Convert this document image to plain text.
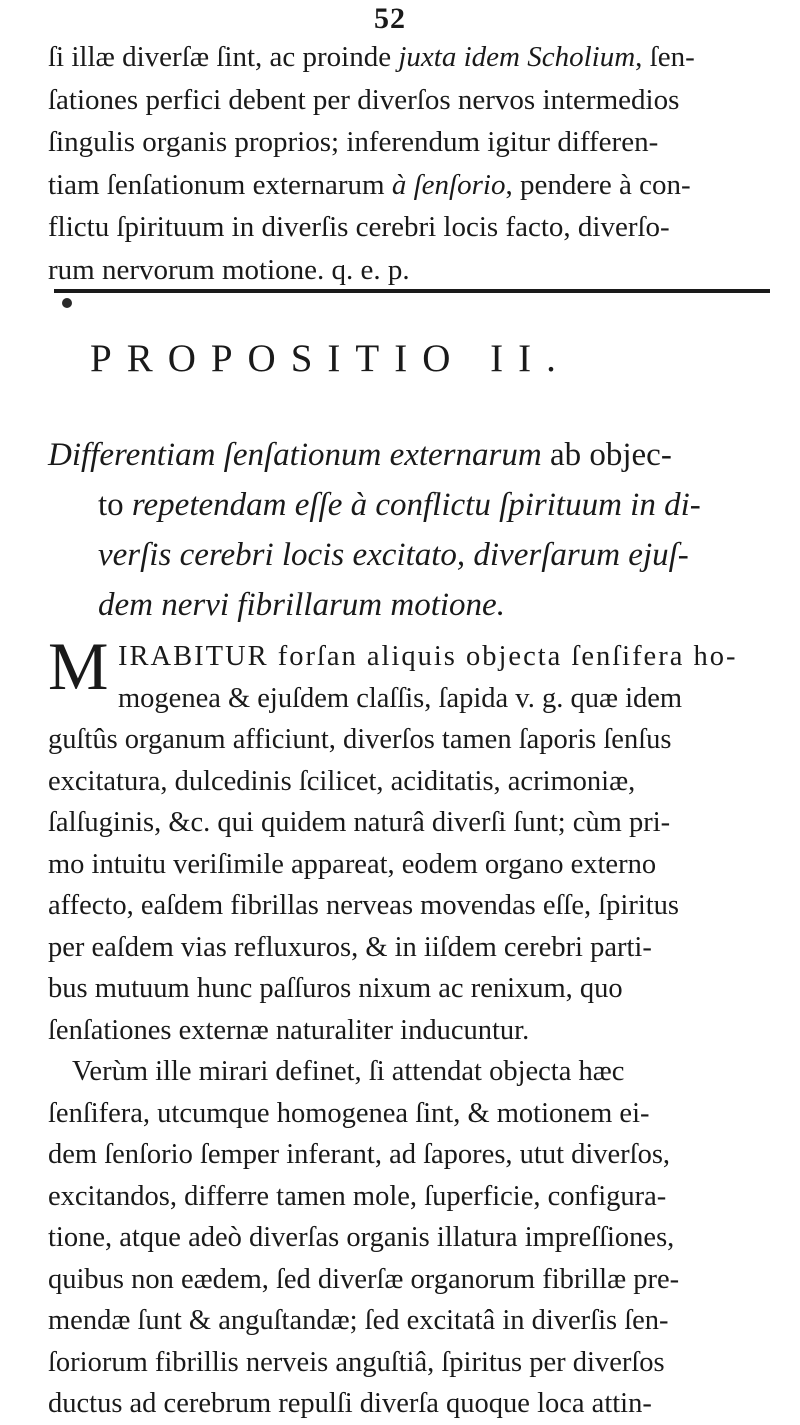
52
ſi illæ diverſæ ſint, ac proinde juxta idem Scholium, ſen-
ſationes perfici debent per diverſos nervos intermedios
ſingulis organis proprios; inferendum igitur differen-
tiam ſenſationum externarum à ſenſorio, pendere à con-
flictu ſpirituum in diverſis cerebri locis facto, diverſo-
rum nervorum motione. q. e. p.
PROPOSITIO II.
Differentiam ſenſationum externarum ab objec-
to repetendam eſſe à conflictu ſpirituum in di-
verſis cerebri locis excitato, diverſarum ejuſ-
dem nervi fibrillarum motione.
M IRABITUR forſan aliquis objecta ſenſifera ho-
mogenea & ejuſdem claſſis, ſapida v. g. quæ idem
guſtûs organum afficiunt, diverſos tamen ſaporis ſenſus
excitatura, dulcedinis ſcilicet, aciditatis, acrimoniæ,
ſalſuginis, &c. qui quidem naturâ diverſi ſunt; cùm pri-
mo intuitu veriſimile appareat, eodem organo externo
affecto, eaſdem fibrillas nerveas movendas eſſe, ſpiritus
per eaſdem vias refluxuros, & in iiſdem cerebri parti-
bus mutuum hunc paſſuros nixum ac renixum, quo
ſenſationes externæ naturaliter inducuntur.
Verùm ille mirari definet, ſi attendat objecta hæc
ſenſifera, utcumque homogenea ſint, & motionem ei-
dem ſenſorio ſemper inferant, ad ſapores, utut diverſos,
excitandos, differre tamen mole, ſuperficie, configura-
tione, atque adeò diverſas organis illatura impreſſiones,
quibus non eædem, ſed diverſæ organorum fibrillæ pre-
mendæ ſunt & anguſtandæ; ſed excitatâ in diverſis ſen-
ſoriorum fibrillis nerveis anguſtiâ, ſpiritus per diverſos
ductus ad cerebrum repulſi diverſa quoque loca attin-
